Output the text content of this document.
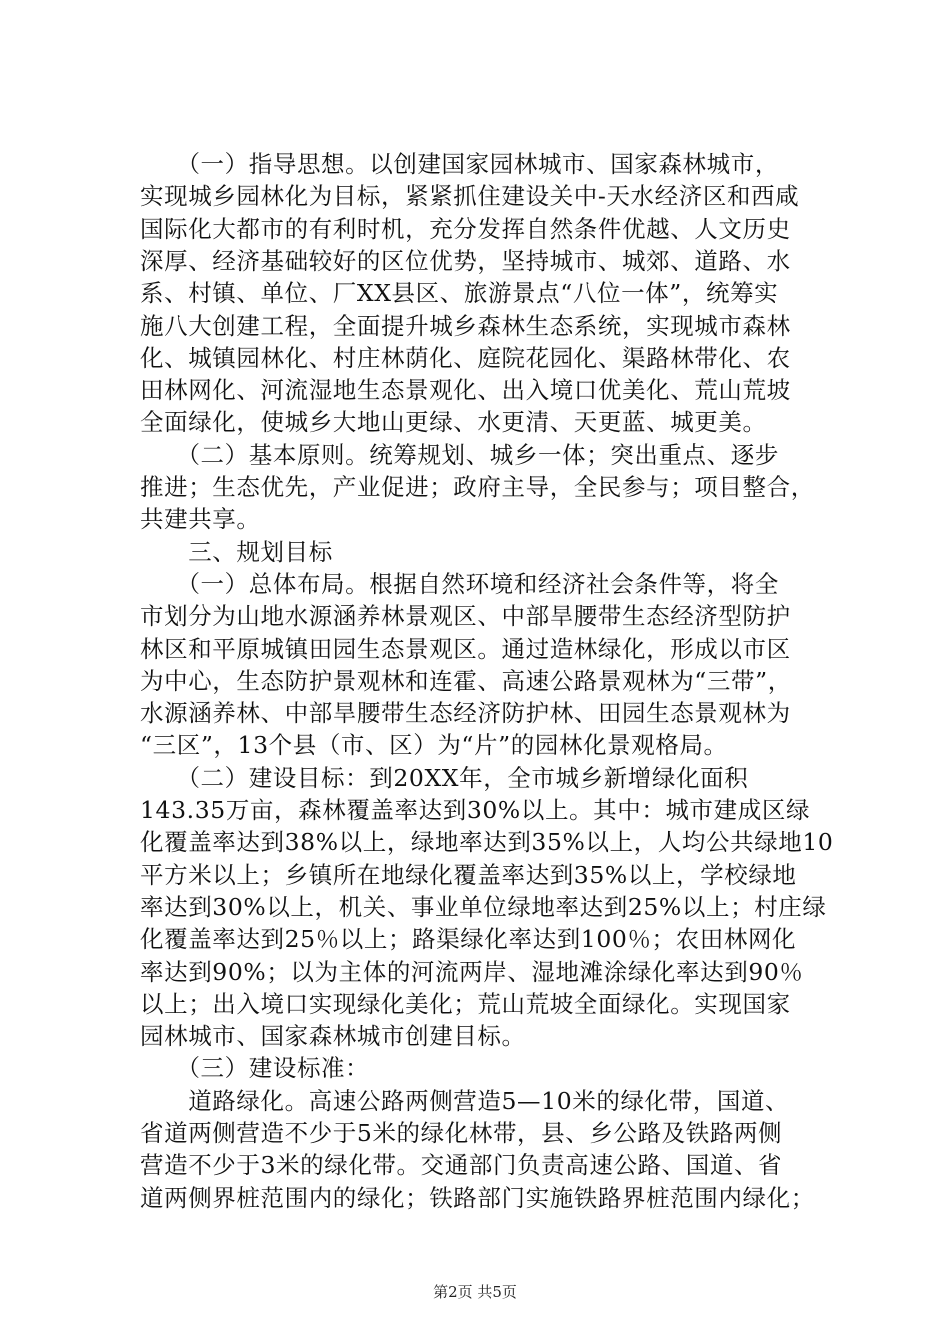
　　（一）指导思想。以创建国家园林城市、国家森林城市，
实现城乡园林化为目标，紧紧抓住建设关中-天水经济区和西咸
国际化大都市的有利时机，充分发挥自然条件优越、人文历史
深厚、经济基础较好的区位优势，坚持城市、城郊、道路、水
系、村镇、单位、厂XX县区、旅游景点“八位一体”，统筹实
施八大创建工程，全面提升城乡森林生态系统，实现城市森林
化、城镇园林化、村庄林荫化、庭院花园化、渠路林带化、农
田林网化、河流湿地生态景观化、出入境口优美化、荒山荒坡
全面绿化，使城乡大地山更绿、水更清、天更蓝、城更美。
　　（二）基本原则。统筹规划、城乡一体；突出重点、逐步
推进；生态优先，产业促进；政府主导，全民参与；项目整合，
共建共享。
　　三、规划目标
　　（一）总体布局。根据自然环境和经济社会条件等，将全
市划分为山地水源涵养林景观区、中部旱腰带生态经济型防护
林区和平原城镇田园生态景观区。通过造林绿化，形成以市区
为中心，生态防护景观林和连霍、高速公路景观林为“三带”，
水源涵养林、中部旱腰带生态经济防护林、田园生态景观林为
“三区”，13个县（市、区）为“片”的园林化景观格局。
　　（二）建设目标：到20XX年，全市城乡新增绿化面积
143.35万亩，森林覆盖率达到30%以上。其中：城市建成区绿
化覆盖率达到38%以上，绿地率达到35%以上，人均公共绿地10
平方米以上；乡镇所在地绿化覆盖率达到35%以上，学校绿地
率达到30%以上，机关、事业单位绿地率达到25%以上；村庄绿
化覆盖率达到25％以上；路渠绿化率达到100％；农田林网化
率达到90%；以为主体的河流两岸、湿地滩涂绿化率达到90％
以上；出入境口实现绿化美化；荒山荒坡全面绿化。实现国家
园林城市、国家森林城市创建目标。
　　（三）建设标准：
　　道路绿化。高速公路两侧营造5—10米的绿化带，国道、
省道两侧营造不少于5米的绿化林带，县、乡公路及铁路两侧
营造不少于3米的绿化带。交通部门负责高速公路、国道、省
道两侧界桩范围内的绿化；铁路部门实施铁路界桩范围内绿化；
第2页 共5页
